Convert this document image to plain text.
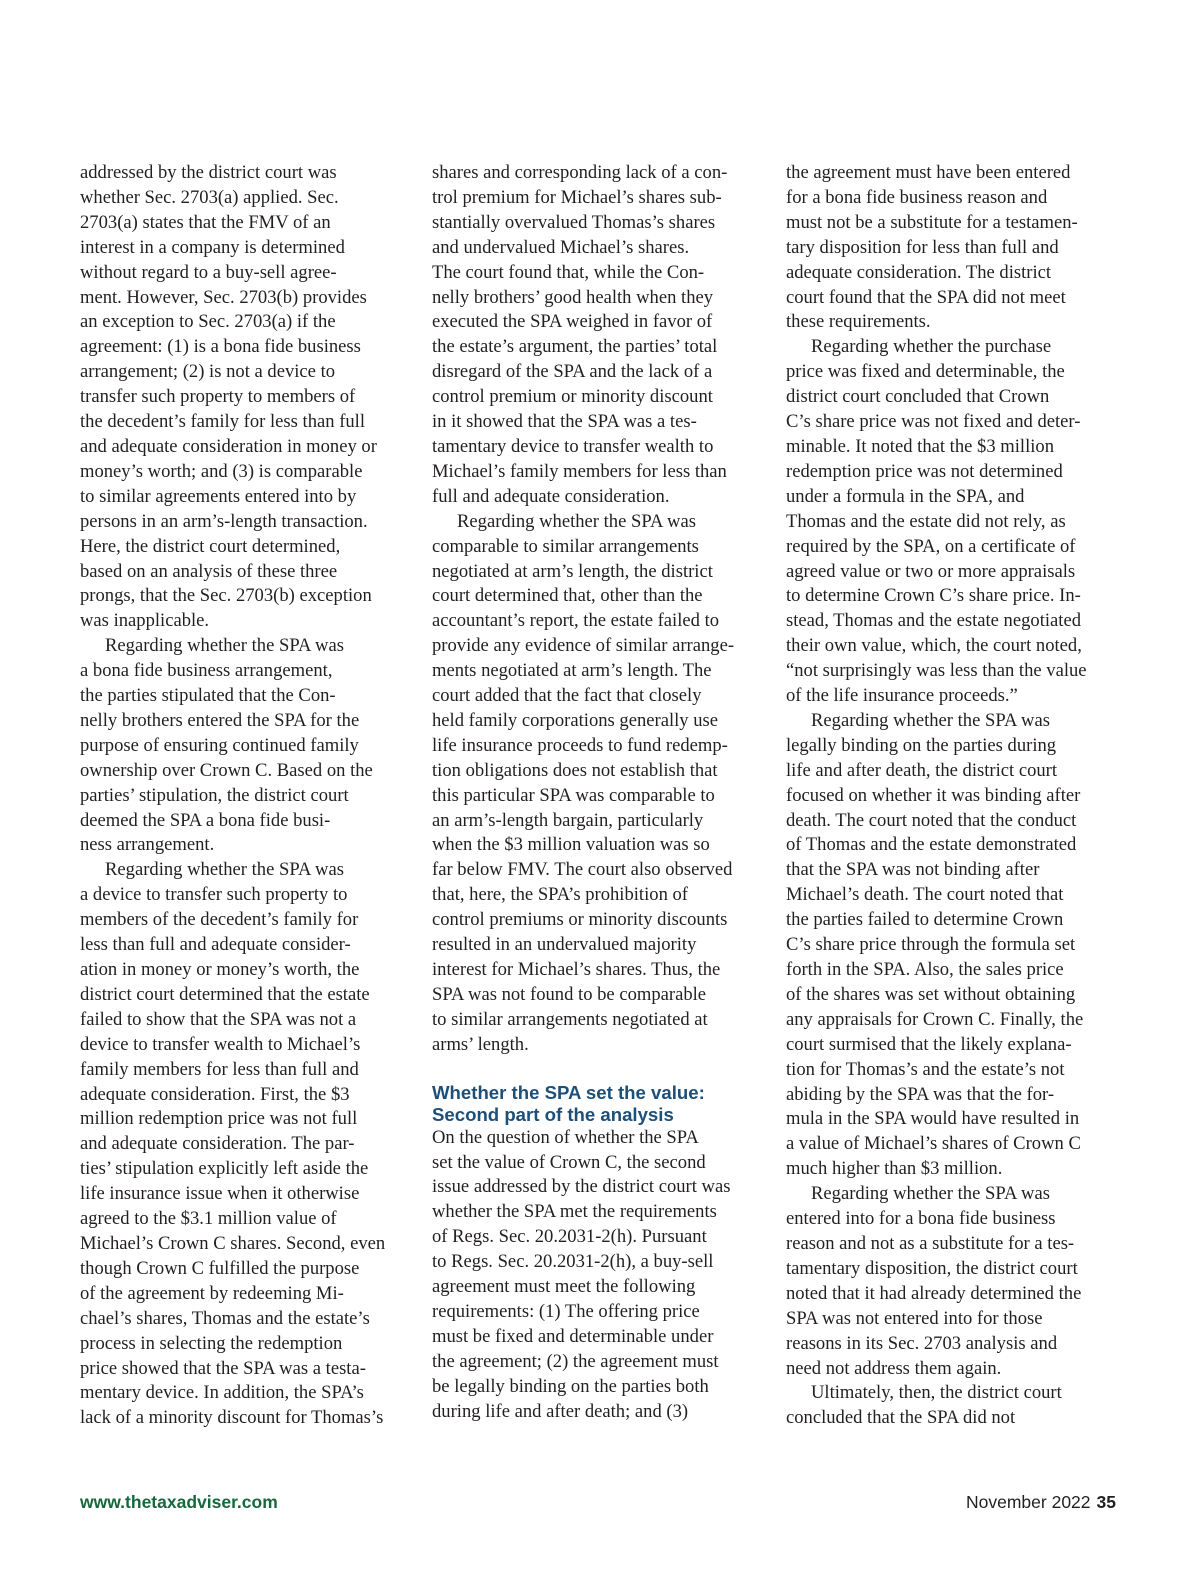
addressed by the district court was
whether Sec. 2703(a) applied. Sec.
2703(a) states that the FMV of an
interest in a company is determined
without regard to a buy-sell agree-
ment. However, Sec. 2703(b) provides
an exception to Sec. 2703(a) if the
agreement: (1) is a bona fide business
arrangement; (2) is not a device to
transfer such property to members of
the decedent’s family for less than full
and adequate consideration in money or
money’s worth; and (3) is comparable
to similar agreements entered into by
persons in an arm’s-length transaction.
Here, the district court determined,
based on an analysis of these three
prongs, that the Sec. 2703(b) exception
was inapplicable.
Regarding whether the SPA was
a bona fide business arrangement,
the parties stipulated that the Con-
nelly brothers entered the SPA for the
purpose of ensuring continued family
ownership over Crown C. Based on the
parties’ stipulation, the district court
deemed the SPA a bona fide busi-
ness arrangement.
Regarding whether the SPA was
a device to transfer such property to
members of the decedent’s family for
less than full and adequate consider-
ation in money or money’s worth, the
district court determined that the estate
failed to show that the SPA was not a
device to transfer wealth to Michael’s
family members for less than full and
adequate consideration. First, the $3
million redemption price was not full
and adequate consideration. The par-
ties’ stipulation explicitly left aside the
life insurance issue when it otherwise
agreed to the $3.1 million value of
Michael’s Crown C shares. Second, even
though Crown C fulfilled the purpose
of the agreement by redeeming Mi-
chael’s shares, Thomas and the estate’s
process in selecting the redemption
price showed that the SPA was a testa-
mentary device. In addition, the SPA’s
lack of a minority discount for Thomas’s
shares and corresponding lack of a con-
trol premium for Michael’s shares sub-
stantially overvalued Thomas’s shares
and undervalued Michael’s shares.
The court found that, while the Con-
nelly brothers’ good health when they
executed the SPA weighed in favor of
the estate’s argument, the parties’ total
disregard of the SPA and the lack of a
control premium or minority discount
in it showed that the SPA was a tes-
tamentary device to transfer wealth to
Michael’s family members for less than
full and adequate consideration.
Regarding whether the SPA was
comparable to similar arrangements
negotiated at arm’s length, the district
court determined that, other than the
accountant’s report, the estate failed to
provide any evidence of similar arrange-
ments negotiated at arm’s length. The
court added that the fact that closely
held family corporations generally use
life insurance proceeds to fund redemp-
tion obligations does not establish that
this particular SPA was comparable to
an arm’s-length bargain, particularly
when the $3 million valuation was so
far below FMV. The court also observed
that, here, the SPA’s prohibition of
control premiums or minority discounts
resulted in an undervalued majority
interest for Michael’s shares. Thus, the
SPA was not found to be comparable
to similar arrangements negotiated at
arms’ length.
Whether the SPA set the value:
Second part of the analysis
On the question of whether the SPA
set the value of Crown C, the second
issue addressed by the district court was
whether the SPA met the requirements
of Regs. Sec. 20.2031-2(h). Pursuant
to Regs. Sec. 20.2031-2(h), a buy-sell
agreement must meet the following
requirements: (1) The offering price
must be fixed and determinable under
the agreement; (2) the agreement must
be legally binding on the parties both
during life and after death; and (3)
the agreement must have been entered
for a bona fide business reason and
must not be a substitute for a testamen-
tary disposition for less than full and
adequate consideration. The district
court found that the SPA did not meet
these requirements.
Regarding whether the purchase
price was fixed and determinable, the
district court concluded that Crown
C’s share price was not fixed and deter-
minable. It noted that the $3 million
redemption price was not determined
under a formula in the SPA, and
Thomas and the estate did not rely, as
required by the SPA, on a certificate of
agreed value or two or more appraisals
to determine Crown C’s share price. In-
stead, Thomas and the estate negotiated
their own value, which, the court noted,
“not surprisingly was less than the value
of the life insurance proceeds.”
Regarding whether the SPA was
legally binding on the parties during
life and after death, the district court
focused on whether it was binding after
death. The court noted that the conduct
of Thomas and the estate demonstrated
that the SPA was not binding after
Michael’s death. The court noted that
the parties failed to determine Crown
C’s share price through the formula set
forth in the SPA. Also, the sales price
of the shares was set without obtaining
any appraisals for Crown C. Finally, the
court surmised that the likely explana-
tion for Thomas’s and the estate’s not
abiding by the SPA was that the for-
mula in the SPA would have resulted in
a value of Michael’s shares of Crown C
much higher than $3 million.
Regarding whether the SPA was
entered into for a bona fide business
reason and not as a substitute for a tes-
tamentary disposition, the district court
noted that it had already determined the
SPA was not entered into for those
reasons in its Sec. 2703 analysis and
need not address them again.
Ultimately, then, the district court
concluded that the SPA did not
www.thetaxadviser.com	November 2022 35
